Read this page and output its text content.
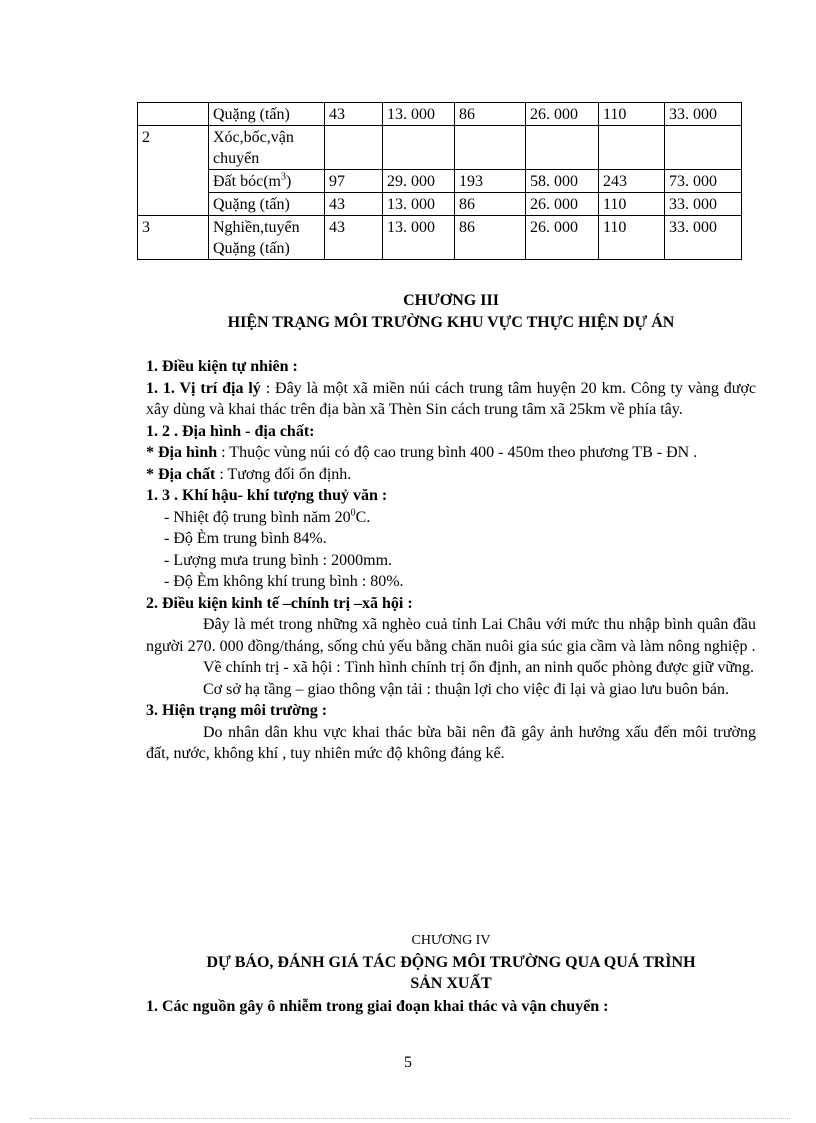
	Quặng (tấn)	43	13. 000	86	26. 000	110	33. 000
2	Xóc,bốc,vận chuyển						
	Đất $bóc(m^3)$	97	29. 000	193	58. 000	243	73. 000
	Quặng (tấn)	43	13. 000	86	26. 000	110	33. 000
3	Nghiền,tuyển Quặng (tấn)	43	13. 000	86	26. 000	110	33. 000
CHƯƠNG III
HIỆN TRẠNG MÔI TRƯỜNG KHU VỰC THỰC HIỆN DỰ ÁN

1. Điều kiện tự nhiên :

1. 1. Vị trí địa lý : Đây là một xã miền núi cách trung tâm huyện 20 km. Công ty vàng được xây dùng và khai thác trên địa bàn xã Thèn Sin cách trung tâm xã 25km về phía tây.

1. 2 . Địa hình - địa chất:

* Địa hình : Thuộc vùng núi có độ cao trung bình 400 - 450m theo phương TB - ĐN .

* Địa chất : Tương đối ổn định.

1. 3 . Khí hậu- khí tượng thuỷ văn :

- Nhiệt độ trung bình năm $20^0C$.

- Độ Èm trung bình 84%.

- Lượng mưa trung bình : 2000mm.

- Độ Èm không khí trung bình : 80%.

2. Điều kiện kinh tế –chính trị –xã hội :

Đây là mét trong những xã nghèo cuả tỉnh Lai Châu với mức thu nhập bình quân đầu người 270. 000 đồng/tháng, sống chủ yếu bằng chăn nuôi gia súc gia cầm và làm nông nghiệp .

Về chính trị - xã hội : Tình hình chính trị ổn định, an ninh quốc phòng được giữ vững.

Cơ sở hạ tầng – giao thông vận tải : thuận lợi cho việc đi lại và giao lưu buôn bán.

3. Hiện trạng môi trường :

Do nhân dân khu vực khai thác bừa bãi nên đã gây ảnh hưởng xấu đến môi trường đất, nước, không khí , tuy nhiên mức độ không đáng kể.

CHƯƠNG IV
DỰ BÁO, ĐÁNH GIÁ TÁC ĐỘNG MÔI TRƯỜNG QUA QUÁ TRÌNH
SẢN XUẤT
1. Các nguồn gây ô nhiễm trong giai đoạn khai thác và vận chuyển :
5
